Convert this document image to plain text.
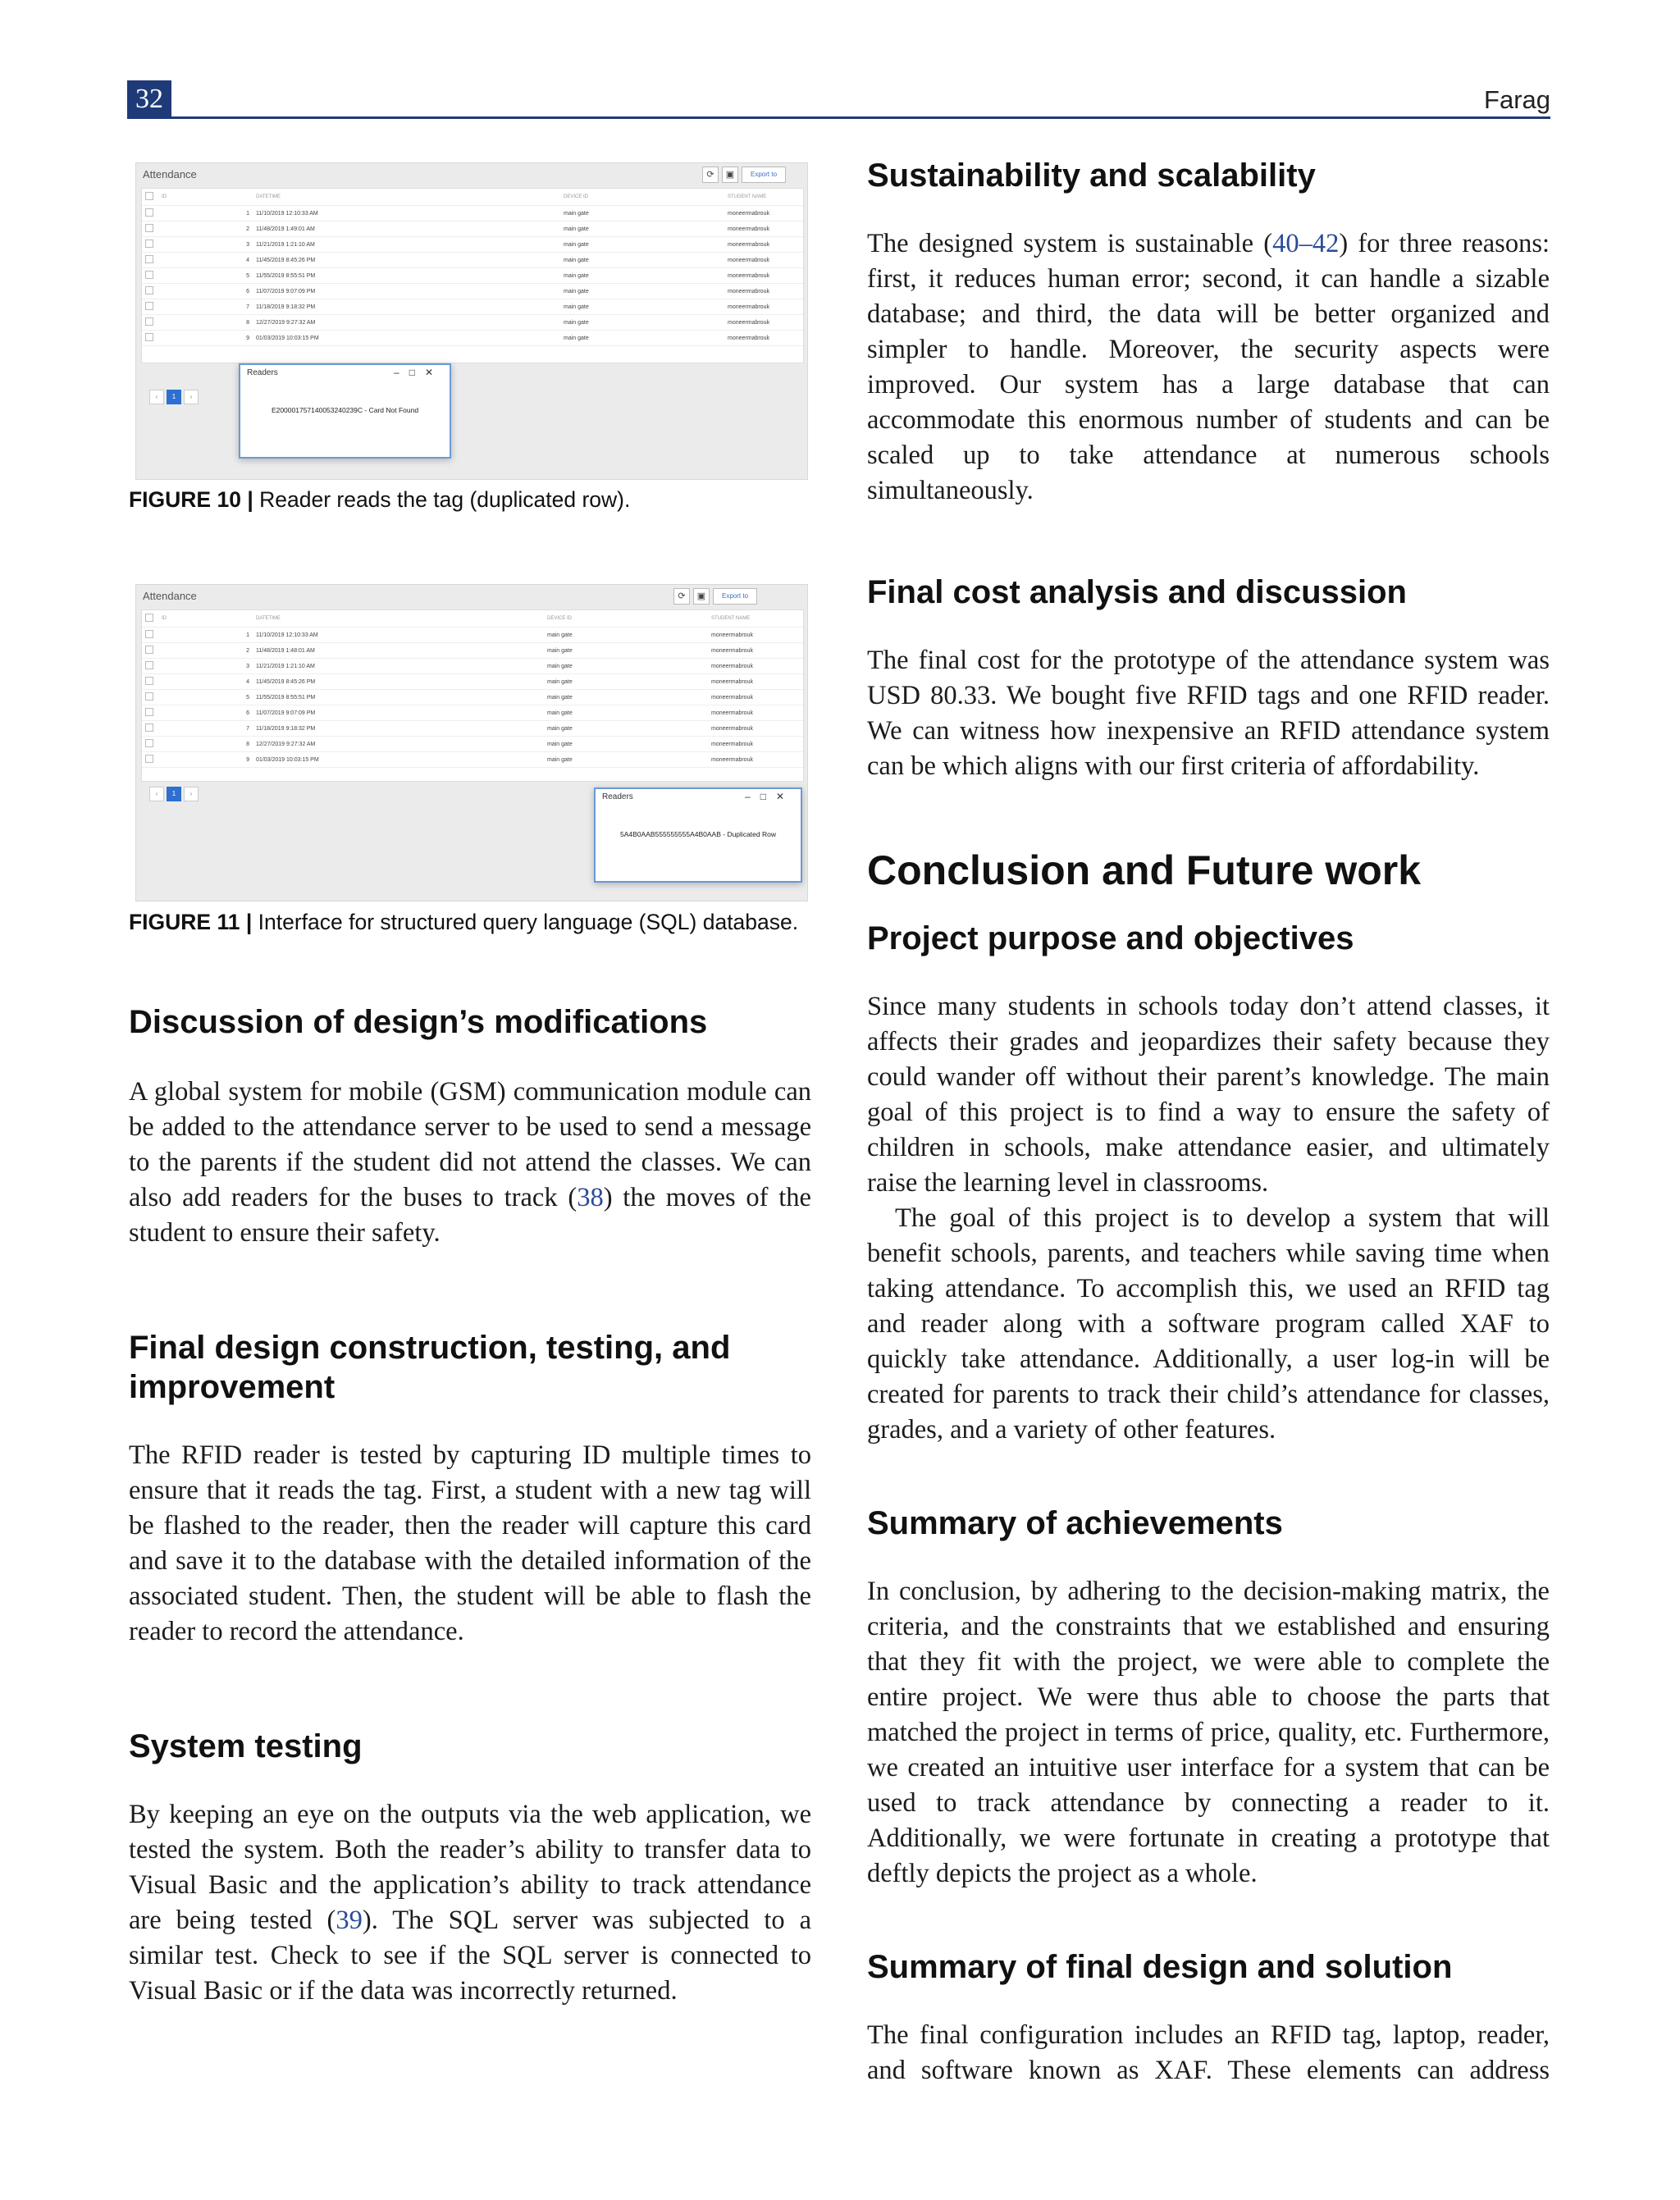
32	Farag
Attendance	⟳ ▣ Export to
	ID	DATETIME	DEVICE ID	STUDENT NAME
	1	11/10/2019 12:10:33 AM	main gate	moneermabrouk
	2	11/48/2019 1:49:01 AM	main gate	moneermabrouk
	3	11/21/2019 1:21:10 AM	main gate	moneermabrouk
	4	11/45/2019 8:45:26 PM	main gate	moneermabrouk
	5	11/55/2019 8:55:51 PM	main gate	moneermabrouk
	6	11/07/2019 9:07:09 PM	main gate	moneermabrouk
	7	11/18/2019 9:18:32 PM	main gate	moneermabrouk
	8	12/27/2019 9:27:32 AM	main gate	moneermabrouk
	9	01/03/2019 10:03:15 PM	main gate	moneermabrouk
‹ 1 ›
Readers	–□✕
E200001757140053240239C - Card Not Found
FIGURE 10 | Reader reads the tag (duplicated row).
Attendance	⟳ ▣ Export to
	ID	DATETIME	DEVICE ID	STUDENT NAME
	1	11/10/2019 12:10:33 AM	main gate	moneermabrouk
	2	11/48/2019 1:48:01 AM	main gate	moneermabrouk
	3	11/21/2019 1:21:10 AM	main gate	moneermabrouk
	4	11/45/2019 8:45:26 PM	main gate	moneermabrouk
	5	11/55/2019 8:55:51 PM	main gate	moneermabrouk
	6	11/07/2019 9:07:09 PM	main gate	moneermabrouk
	7	11/18/2019 9:18:32 PM	main gate	moneermabrouk
	8	12/27/2019 9:27:32 AM	main gate	moneermabrouk
	9	01/03/2019 10:03:15 PM	main gate	moneermabrouk
‹ 1 ›	Readers	–□✕
5A4B0AAB555555555A4B0AAB - Duplicated Row
FIGURE 11 | Interface for structured query language (SQL) database.
Discussion of design’s modifications

A global system for mobile (GSM) communication module can be added to the attendance server to be used to send a message to the parents if the student did not attend the classes. We can also add readers for the buses to track (38) the moves of the student to ensure their safety.

Final design construction, testing, and improvement

The RFID reader is tested by capturing ID multiple times to ensure that it reads the tag. First, a student with a new tag will be flashed to the reader, then the reader will capture this card and save it to the database with the detailed information of the associated student. Then, the student will be able to flash the reader to record the attendance.

System testing

By keeping an eye on the outputs via the web application, we tested the system. Both the reader’s ability to transfer data to Visual Basic and the application’s ability to track attendance are being tested (39). The SQL server was subjected to a similar test. Check to see if the SQL server is connected to Visual Basic or if the data was incorrectly returned.

Sustainability and scalability

The designed system is sustainable (40–42) for three reasons: first, it reduces human error; second, it can handle a sizable database; and third, the data will be better organized and simpler to handle. Moreover, the security aspects were improved. Our system has a large database that can accommodate this enormous number of students and can be scaled up to take attendance at numerous schools simultaneously.

Final cost analysis and discussion

The final cost for the prototype of the attendance system was USD 80.33. We bought five RFID tags and one RFID reader. We can witness how inexpensive an RFID attendance system can be which aligns with our first criteria of affordability.

Conclusion and Future work
Project purpose and objectives

Since many students in schools today don’t attend classes, it affects their grades and jeopardizes their safety because they could wander off without their parent’s knowledge. The main goal of this project is to find a way to ensure the safety of children in schools, make attendance easier, and ultimately raise the learning level in classrooms.

The goal of this project is to develop a system that will benefit schools, parents, and teachers while saving time when taking attendance. To accomplish this, we used an RFID tag and reader along with a software program called XAF to quickly take attendance. Additionally, a user log-in will be created for parents to track their child’s attendance for classes, grades, and a variety of other features.

Summary of achievements

In conclusion, by adhering to the decision-making matrix, the criteria, and the constraints that we established and ensuring that they fit with the project, we were able to complete the entire project. We were thus able to choose the parts that matched the project in terms of price, quality, etc. Furthermore, we created an intuitive user interface for a system that can be used to track attendance by connecting a reader to it. Additionally, we were fortunate in creating a prototype that deftly depicts the project as a whole.

Summary of final design and solution

The final configuration includes an RFID tag, laptop, reader, and software known as XAF. These elements can address
